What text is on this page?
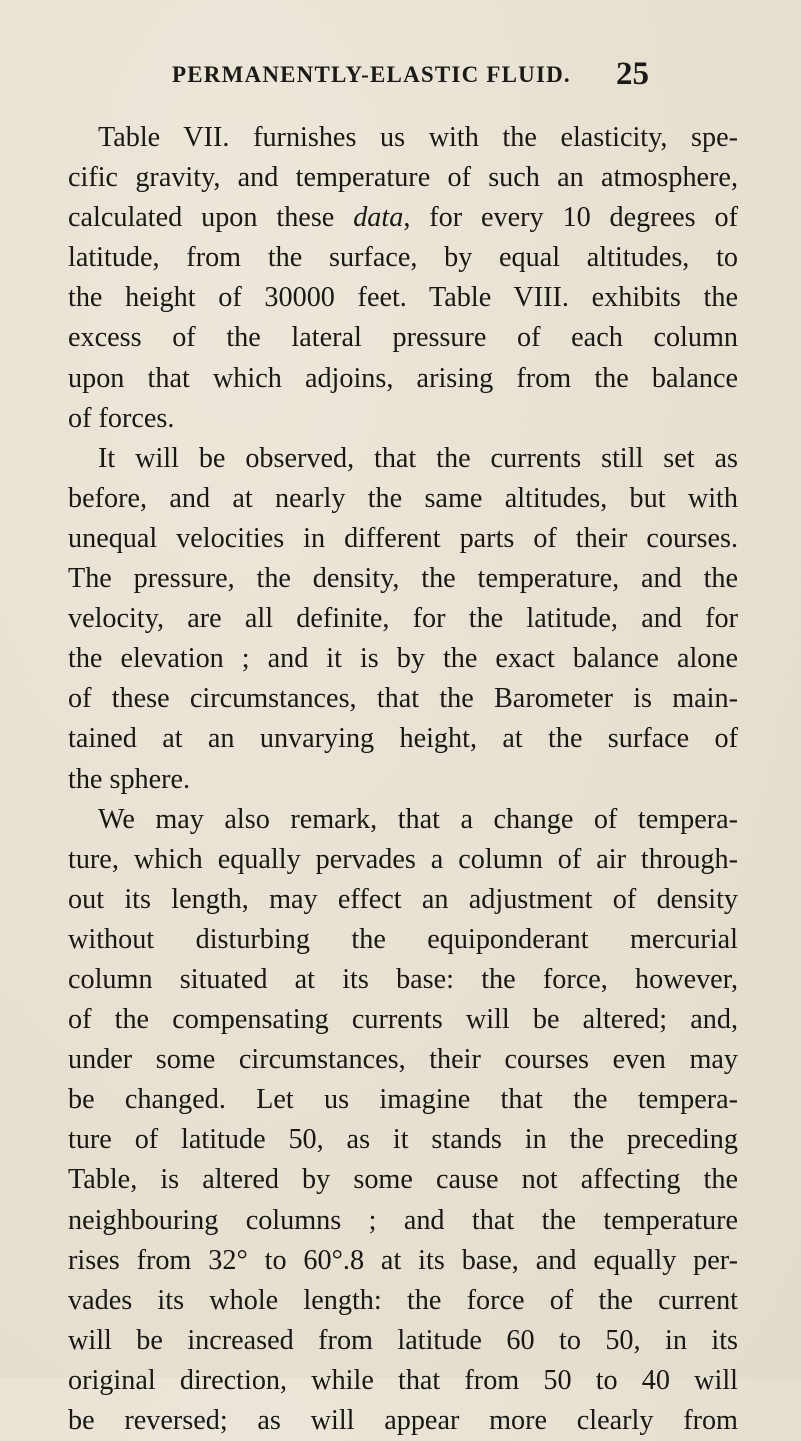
PERMANENTLY-ELASTIC FLUID. 25
Table VII. furnishes us with the elasticity, spe-
cific gravity, and temperature of such an atmosphere,
calculated upon these data, for every 10 degrees of
latitude, from the surface, by equal altitudes, to
the height of 30000 feet. Table VIII. exhibits the
excess of the lateral pressure of each column
upon that which adjoins, arising from the balance
of forces.
It will be observed, that the currents still set as
before, and at nearly the same altitudes, but with
unequal velocities in different parts of their courses.
The pressure, the density, the temperature, and the
velocity, are all definite, for the latitude, and for
the elevation ; and it is by the exact balance alone
of these circumstances, that the Barometer is main-
tained at an unvarying height, at the surface of
the sphere.
We may also remark, that a change of tempera-
ture, which equally pervades a column of air through-
out its length, may effect an adjustment of density
without disturbing the equiponderant mercurial
column situated at its base: the force, however,
of the compensating currents will be altered; and,
under some circumstances, their courses even may
be changed. Let us imagine that the tempera-
ture of latitude 50, as it stands in the preceding
Table, is altered by some cause not affecting the
neighbouring columns ; and that the temperature
rises from 32° to 60°.8 at its base, and equally per-
vades its whole length: the force of the current
will be increased from latitude 60 to 50, in its
original direction, while that from 50 to 40 will
be reversed; as will appear more clearly from
